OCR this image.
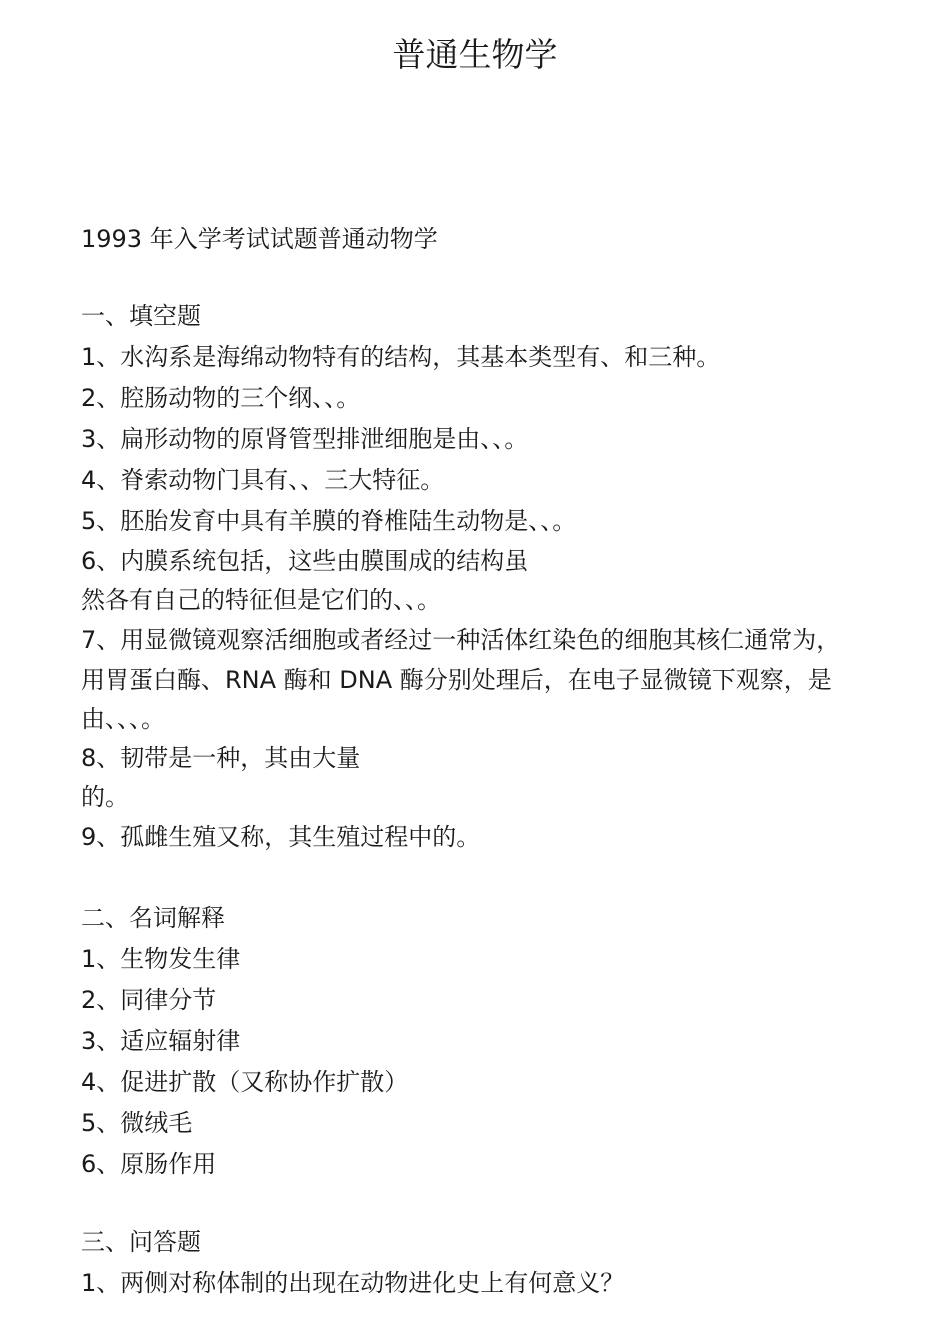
普通生物学
1993 年入学考试试题普通动物学
一、填空题
1、水沟系是海绵动物特有的结构，其基本类型有、和三种。
2、腔肠动物的三个纲、、。
3、扁形动物的原肾管型排泄细胞是由、、。
4、脊索动物门具有、、三大特征。
5、胚胎发育中具有羊膜的脊椎陆生动物是、、。
6、内膜系统包括，这些由膜围成的结构虽
然各有自己的特征但是它们的、、。
7、用显微镜观察活细胞或者经过一种活体红染色的细胞其核仁通常为，
用胃蛋白酶、RNA 酶和 DNA 酶分别处理后，在电子显微镜下观察，是
由、、、。
8、韧带是一种，其由大量
的。
9、孤雌生殖又称，其生殖过程中的。
二、名词解释
1、生物发生律
2、同律分节
3、适应辐射律
4、促进扩散（又称协作扩散）
5、微绒毛
6、原肠作用
三、问答题
1、两侧对称体制的出现在动物进化史上有何意义？
